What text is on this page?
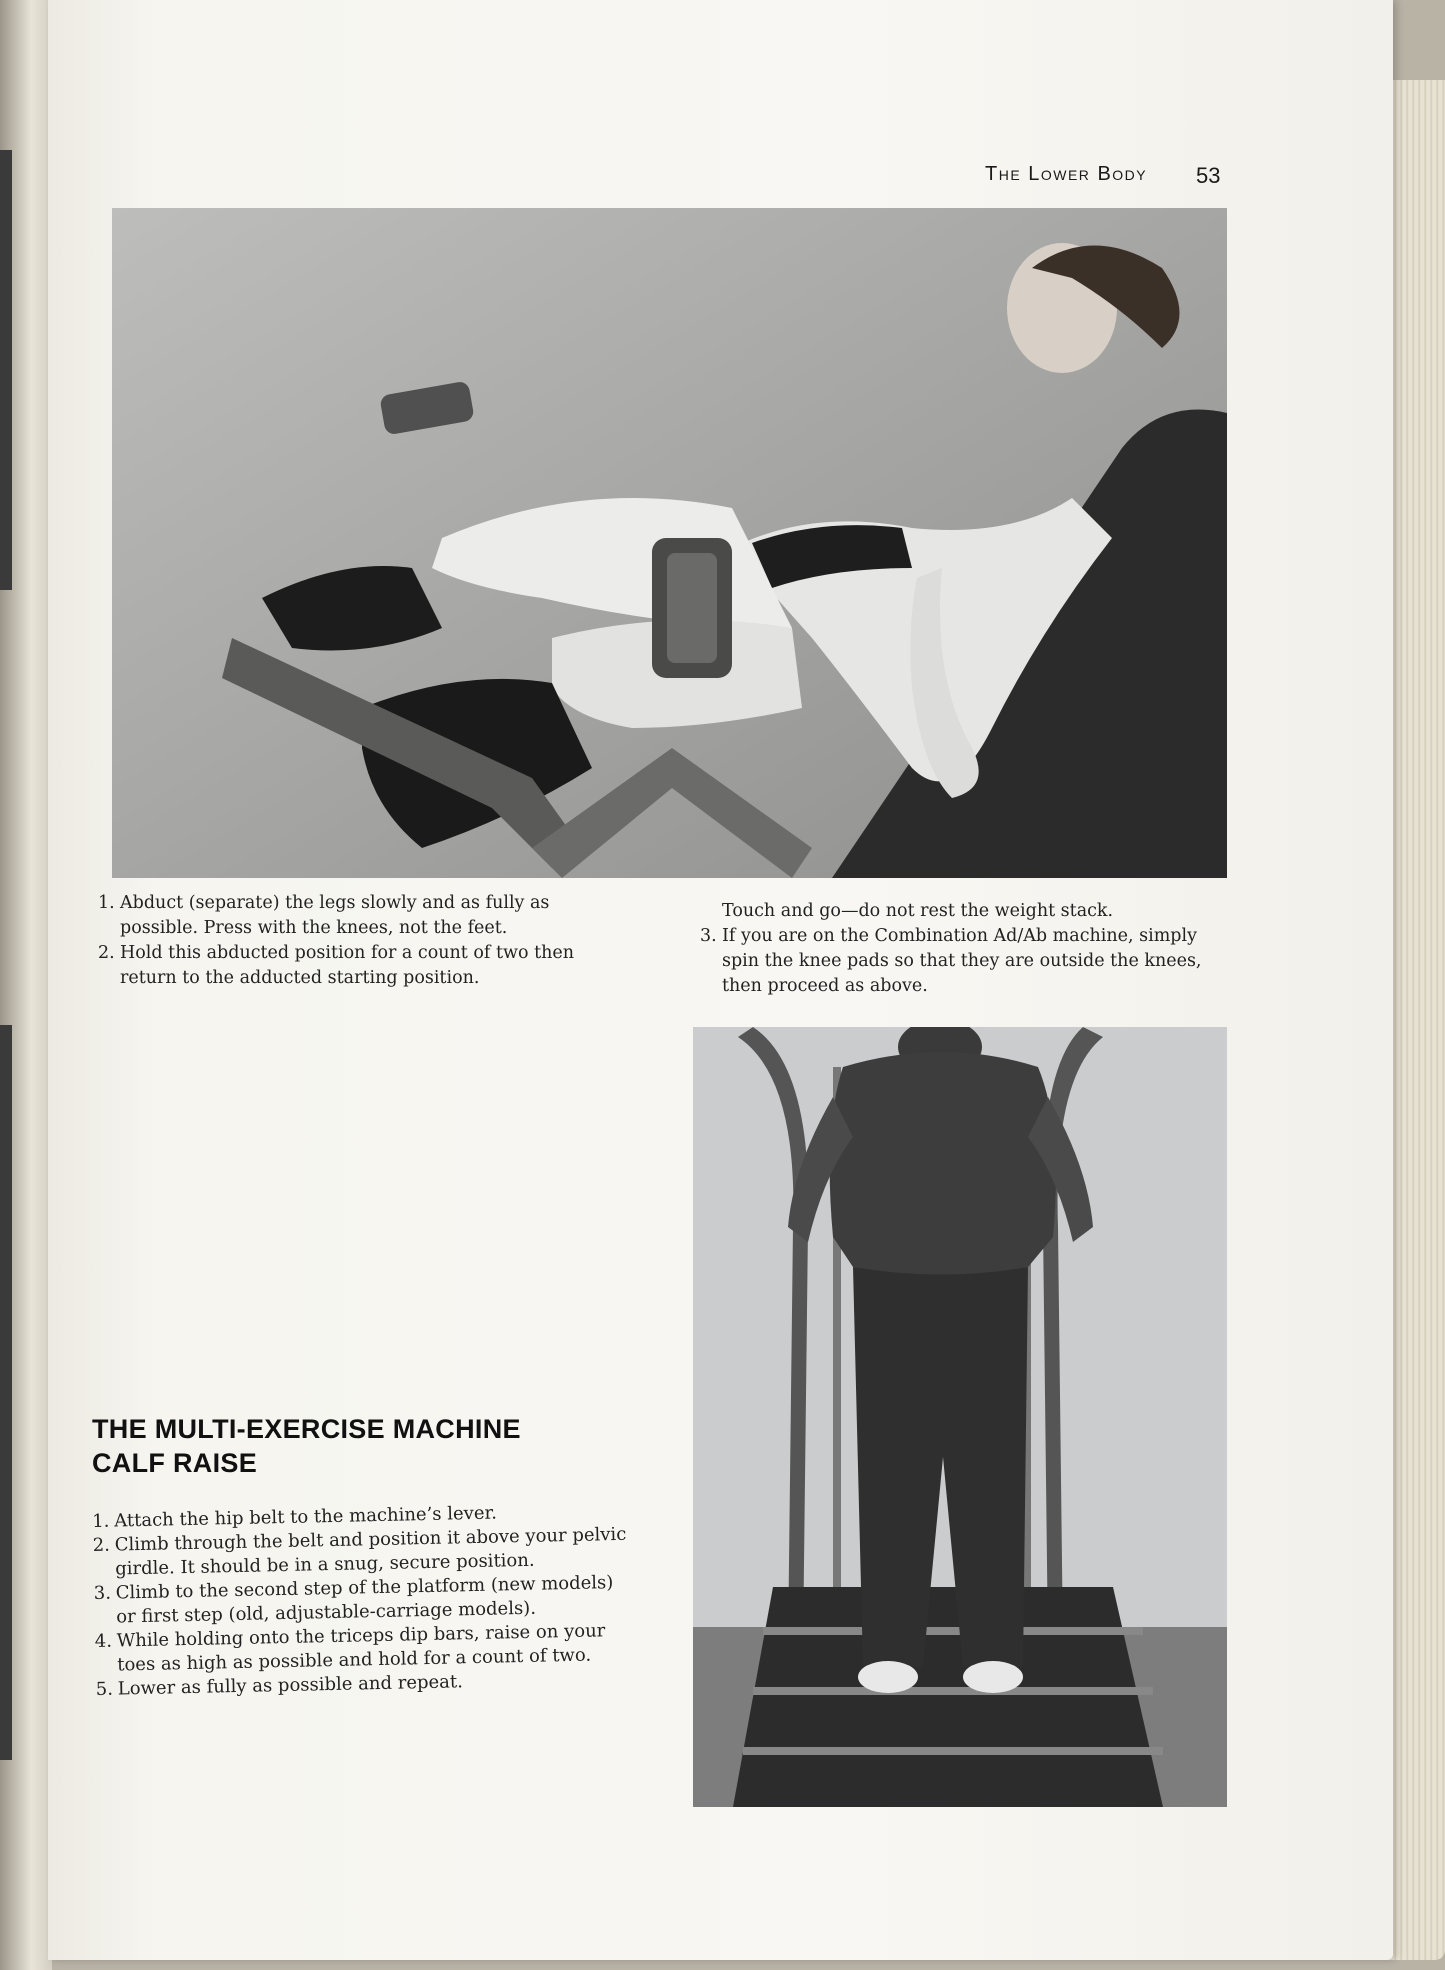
The Lower Body 53
1. Abduct (separate) the legs slowly and as fully as possible. Press with the knees, not the feet.
2. Hold this abducted position for a count of two then return to the adducted starting position.
Touch and go—do not rest the weight stack.
3. If you are on the Combination Ad/Ab machine, simply spin the knee pads so that they are outside the knees, then proceed as above.
THE MULTI-EXERCISE MACHINE
CALF RAISE
1. Attach the hip belt to the machine’s lever.
2. Climb through the belt and position it above your pelvic girdle. It should be in a snug, secure position.
3. Climb to the second step of the platform (new models) or first step (old, adjustable-carriage models).
4. While holding onto the triceps dip bars, raise on your toes as high as possible and hold for a count of two.
5. Lower as fully as possible and repeat.
